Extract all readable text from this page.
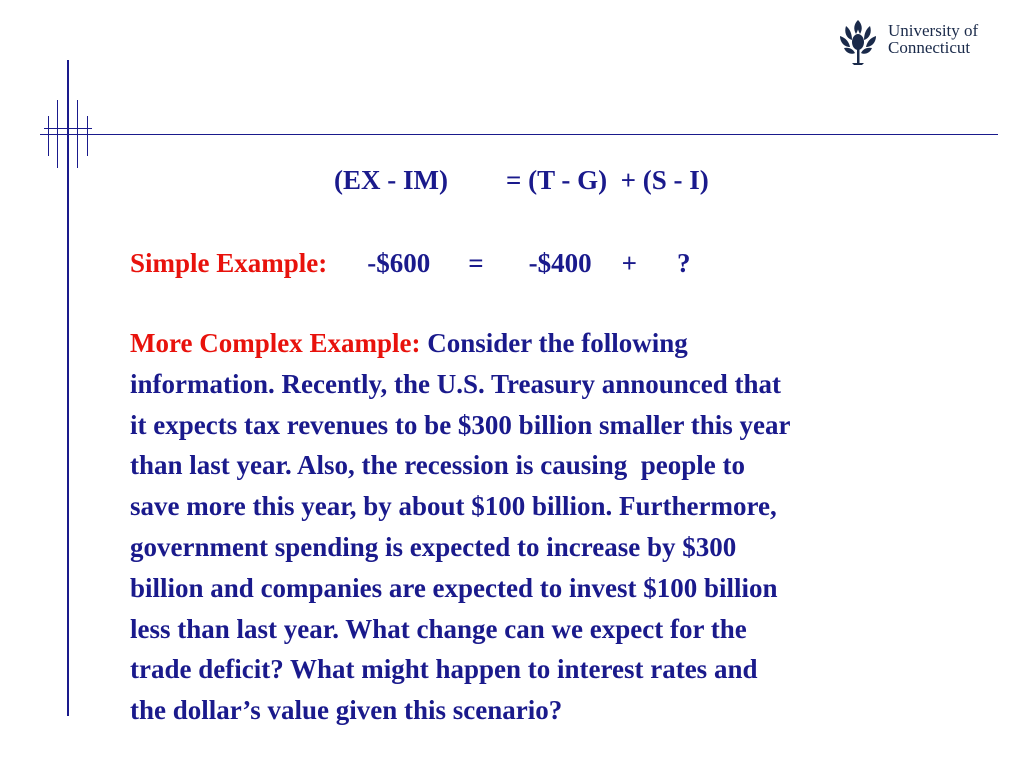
University of
Connecticut
(EX - IM) = (T - G)  + (S - I)
Simple Example: -$600 = -$400 + ?
More Complex Example: Consider the following
information. Recently, the U.S. Treasury announced that
it expects tax revenues to be $300 billion smaller this year
than last year. Also, the recession is causing  people to
save more this year, by about $100 billion. Furthermore,
government spending is expected to increase by $300
billion and companies are expected to invest $100 billion
less than last year. What change can we expect for the
trade deficit? What might happen to interest rates and
the dollar’s value given this scenario?
